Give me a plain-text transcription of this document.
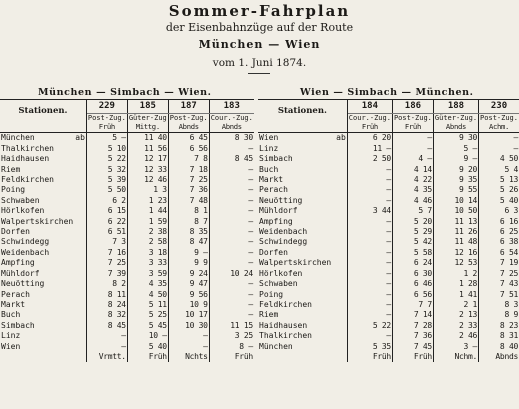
Sommer-Fahrplan
der Eisenbahnzüge auf der Route
München — Wien
vom 1. Juni 1874.
München — Simbach — Wien.	Wien — Simbach — München.
Stationen.		229	185	187	183
		Post-Zug.	Güter-Zug	Post-Zug.	Cour.-Zug.
		Früh	Mittg.	Abnds	Abnds
München	ab	5 —	11 40	6 45	8 30
Thalkirchen		5 10	11 56	6 56	—
Haidhausen		5 22	12 17	7 8	8 45
Riem		5 32	12 33	7 18	—
Feldkirchen		5 39	12 46	7 25	—
Poing		5 50	1 3	7 36	—
Schwaben		6 2	1 23	7 48	—
Hörlkofen		6 15	1 44	8 1	—
Walpertskirchen		6 22	1 59	8 7	—
Dorfen		6 51	2 38	8 35	—
Schwindegg		7 3	2 58	8 47	—
Weidenbach		7 16	3 18	9 —	—
Ampfing		7 25	3 33	9 9	—
Mühldorf		7 39	3 59	9 24	10 24
Neuötting		8 2	4 35	9 47	—
Perach		8 11	4 50	9 56	—
Markt		8 24	5 11	10 9	—
Buch		8 32	5 25	10 17	—
Simbach		8 45	5 45	10 30	11 15
Linz		—	10 —	—	3 25
Wien		—	5 40	—	8 —
		Vrmtt.	Früh	Nchts	Früh
Stationen.		184	186	188	230
		Cour.-Zug.	Post-Zug.	Güter-Zug.	Post-Zug.
		Früh	Früh	Abnds	Achm.
Wien	ab	6 20	—	9 30	—
Linz		11 —	—	5 —	—
Simbach		2 50	4 —	9 —	4 50
Buch		—	4 14	9 20	5 4
Markt		—	4 22	9 35	5 13
Perach		—	4 35	9 55	5 26
Neuötting		—	4 46	10 14	5 40
Mühldorf		3 44	5 7	10 50	6 3
Ampfing		—	5 20	11 13	6 16
Weidenbach		—	5 29	11 26	6 25
Schwindegg		—	5 42	11 48	6 38
Dorfen		—	5 58	12 16	6 54
Walpertskirchen		—	6 24	12 53	7 19
Hörlkofen		—	6 30	1 2	7 25
Schwaben		—	6 46	1 28	7 43
Poing		—	6 56	1 41	7 51
Feldkirchen		—	7 7	2 1	8 3
Riem		—	7 14	2 13	8 9
Haidhausen		5 22	7 28	2 33	8 23
Thalkirchen		—	7 36	2 46	8 31
München		5 35	7 45	3 —	8 40
		Früh	Früh	Nchm.	Abnds
